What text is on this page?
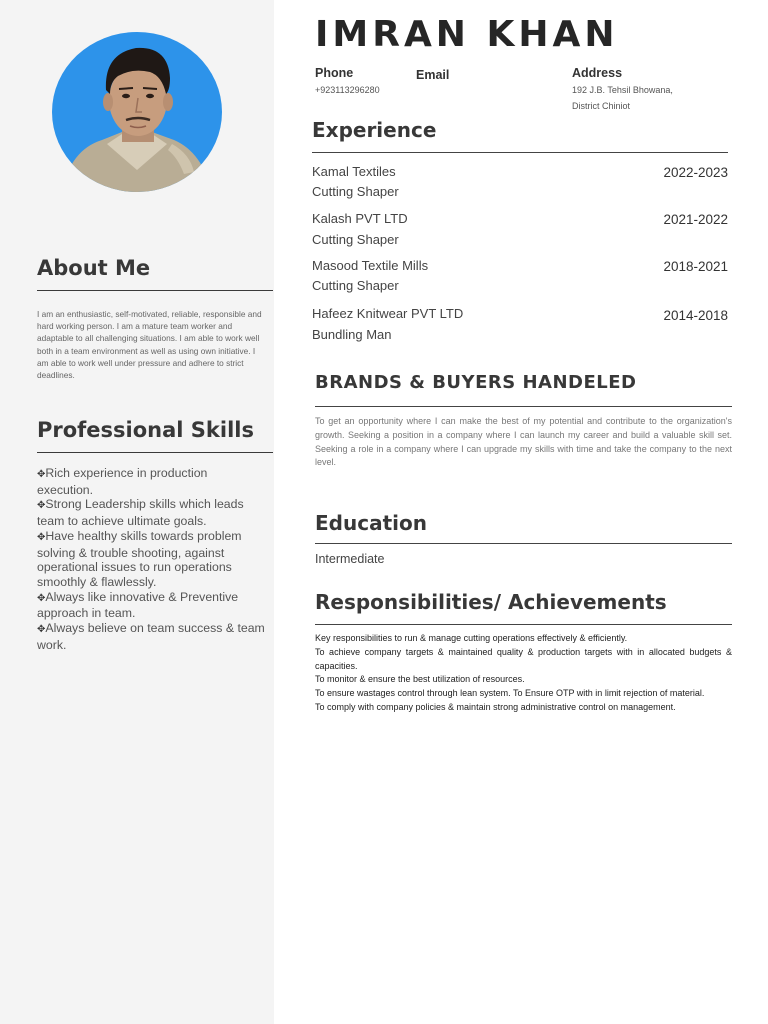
About Me

I am an enthusiastic, self-motivated, reliable, responsible and hard working person. I am a mature team worker and adaptable to all challenging situations. I am able to work well both in a team environment as well as using own initiative. I am able to work well under pressure and adhere to strict deadlines.

Professional Skills
✥Rich experience in production execution.
✥Strong Leadership skills which leads team to achieve ultimate goals.
✥Have healthy skills towards problem solving & trouble shooting, against operational issues to run operations smoothly & flawlessly.
✥Always like innovative & Preventive approach in team.
✥Always believe on team success & team work.
IMRAN KHAN
Phone
+923113296280
Email	Address
192 J.B. Tehsil Bhowana,
District Chiniot
Experience
Kamal Textiles
Cutting Shaper
2022-2023
Kalash PVT LTD
Cutting Shaper
2021-2022
Masood Textile Mills
Cutting Shaper
2018-2021
Hafeez Knitwear PVT LTD
Bundling Man
2014-2018
BRANDS & BUYERS HANDELED

To get an opportunity where I can make the best of my potential and contribute to the organization's growth. Seeking a position in a company where I can launch my career and build a valuable skill set. Seeking a role in a company where I can upgrade my skills with time and take the company to the next level.

Education
Intermediate
Responsibilities/ Achievements
Key responsibilities to run & manage cutting operations effectively & efficiently.
To achieve company targets & maintained quality & production targets with in allocated budgets & capacities.
To monitor & ensure the best utilization of resources.
To ensure wastages control through lean system. To Ensure OTP with in limit rejection of material.
To comply with company policies & maintain strong administrative control on management.
